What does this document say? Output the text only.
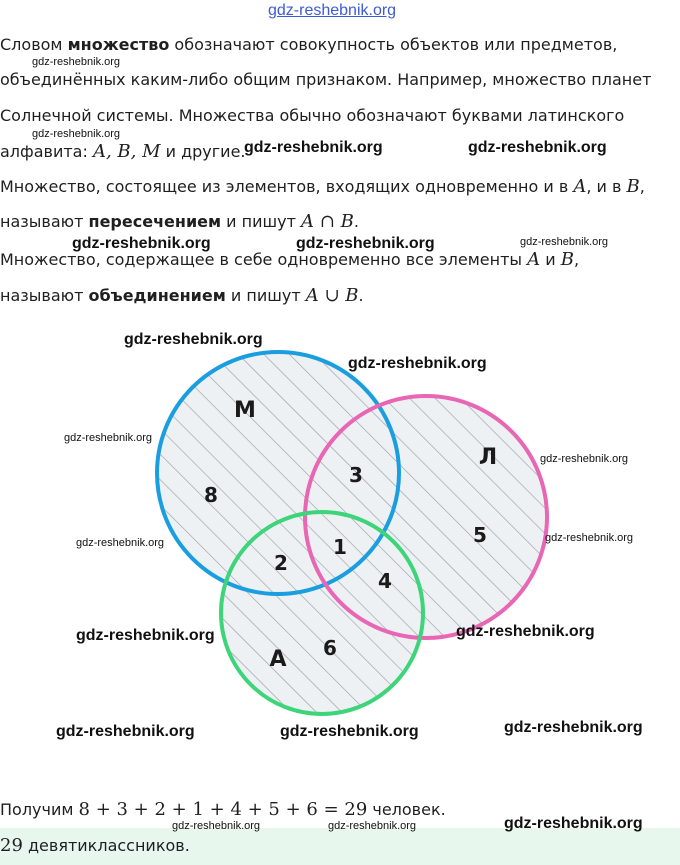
gdz-reshebnik.org
Словом множество обозначают совокупность объектов или предметов,
gdz-reshebnik.org
объединённых каким-либо общим признаком. Например, множество планет
Солнечной системы. Множества обычно обозначают буквами латинского
gdz-reshebnik.org
алфавита: A, B, M и другие.
gdz-reshebnik.org	gdz-reshebnik.org
Множество, состоящее из элементов, входящих одновременно и в A, и в B,
называют пересечением и пишут A ∩ B.
gdz-reshebnik.org	gdz-reshebnik.org	gdz-reshebnik.org
Множество, содержащее в себе одновременно все элементы A и B,
называют объединением и пишут A ∪ B.
М
Л
А
8
3
5
2
1
4
6
gdz-reshebnik.org
gdz-reshebnik.org
gdz-reshebnik.org
gdz-reshebnik.org
gdz-reshebnik.org	gdz-reshebnik.org
gdz-reshebnik.org	gdz-reshebnik.org
gdz-reshebnik.org	gdz-reshebnik.org	gdz-reshebnik.org
Получим 8 + 3 + 2 + 1 + 4 + 5 + 6 = 29 человек.
29 девятиклассников.
gdz-reshebnik.org	gdz-reshebnik.org	gdz-reshebnik.org
